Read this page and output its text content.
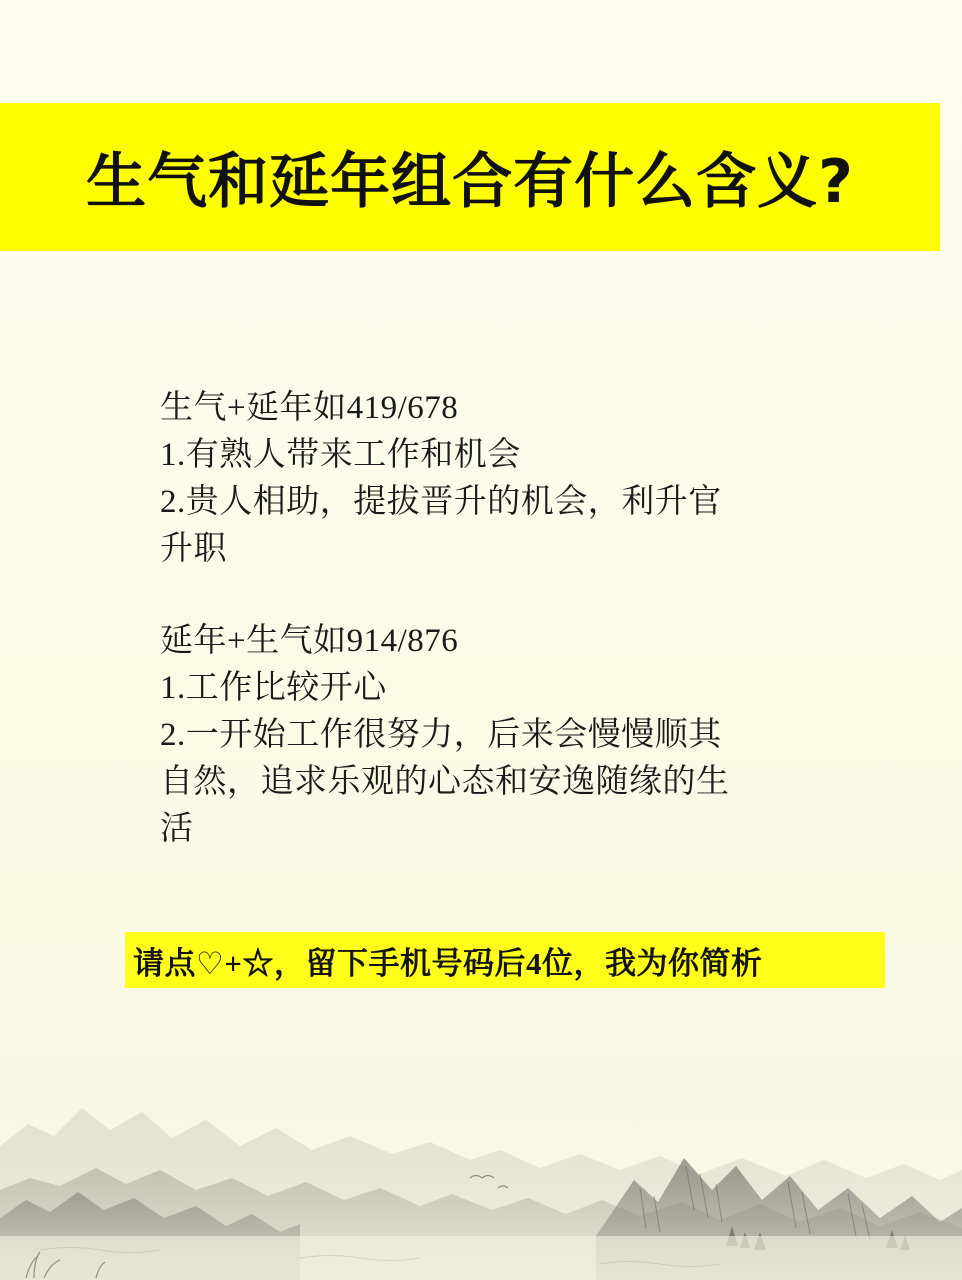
生气和延年组合有什么含义?
生气+延年如419/678
1.有熟人带来工作和机会
2.贵人相助，提拔晋升的机会，利升官
升职
延年+生气如914/876
1.工作比较开心
2.一开始工作很努力，后来会慢慢顺其
自然，追求乐观的心态和安逸随缘的生
活
请点♡+☆，留下手机号码后4位，我为你简析
